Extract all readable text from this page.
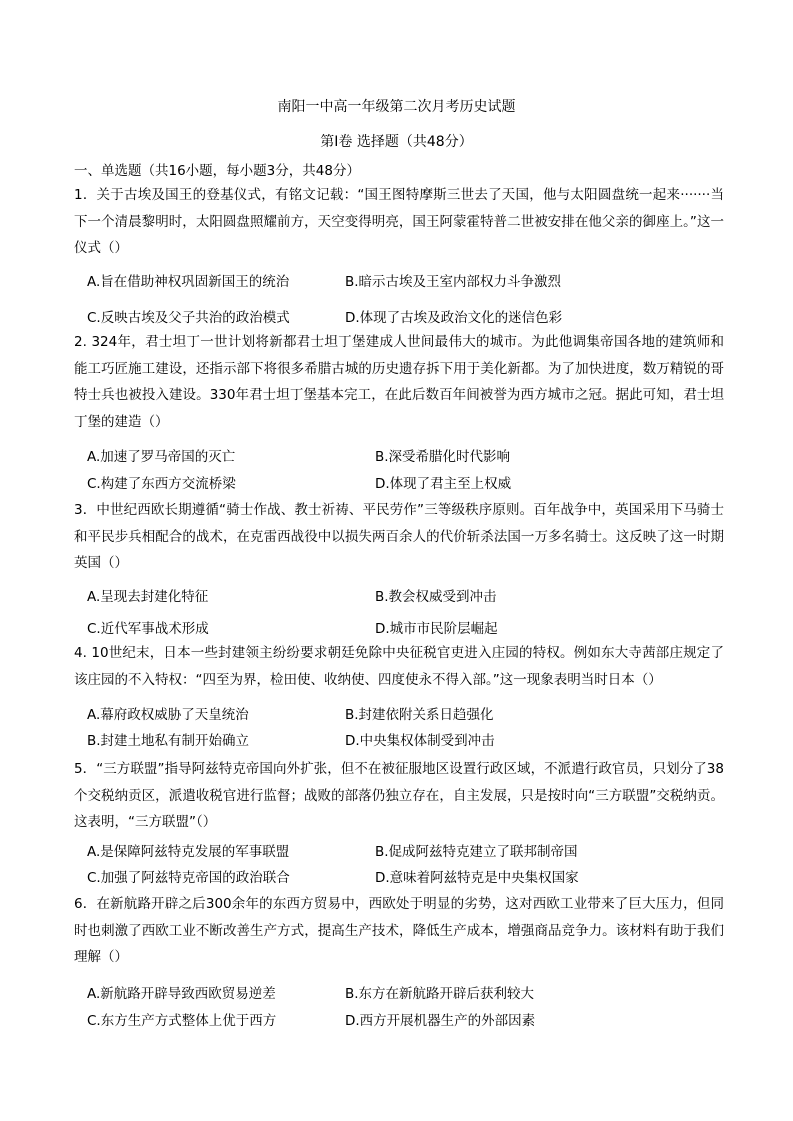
南阳一中高一年级第二次月考历史试题
第Ⅰ卷 选择题（共48分）
一、单选题（共16小题，每小题3分，共48分）
1．关于古埃及国王的登基仪式，有铭文记载：“国王图特摩斯三世去了天国，他与太阳圆盘统一起来·······当下一个清晨黎明时，太阳圆盘照耀前方，天空变得明亮，国王阿蒙霍特普二世被安排在他父亲的御座上。”这一仪式（）
A.旨在借助神权巩固新国王的统治	B.暗示古埃及王室内部权力斗争激烈
C.反映古埃及父子共治的政治模式	D.体现了古埃及政治文化的迷信色彩
2. 324年，君士坦丁一世计划将新都君士坦丁堡建成人世间最伟大的城市。为此他调集帝国各地的建筑师和能工巧匠施工建设，还指示部下将很多希腊古城的历史遗存拆下用于美化新都。为了加快进度，数万精锐的哥特士兵也被投入建设。330年君士坦丁堡基本完工，在此后数百年间被誉为西方城市之冠。据此可知，君士坦丁堡的建造（）
A.加速了罗马帝国的灭亡	B.深受希腊化时代影响
C.构建了东西方交流桥梁	D.体现了君主至上权威
3．中世纪西欧长期遵循“骑士作战、教士祈祷、平民劳作”三等级秩序原则。百年战争中，英国采用下马骑士和平民步兵相配合的战术，在克雷西战役中以损失两百余人的代价斩杀法国一万多名骑士。这反映了这一时期英国（）
A.呈现去封建化特征	B.教会权威受到冲击
C.近代军事战术形成	D.城市市民阶层崛起
4. 10世纪末，日本一些封建领主纷纷要求朝廷免除中央征税官吏进入庄园的特权。例如东大寺茜部庄规定了该庄园的不入特权：“四至为界，检田使、收纳使、四度使永不得入部。”这一现象表明当时日本（）
A.幕府政权威胁了天皇统治	B.封建依附关系日趋强化
B.封建土地私有制开始确立	D.中央集权体制受到冲击
5．“三方联盟”指导阿兹特克帝国向外扩张，但不在被征服地区设置行政区域，不派遣行政官员，只划分了38个交税纳贡区，派遣收税官进行监督；战败的部落仍独立存在，自主发展，只是按时向“三方联盟”交税纳贡。这表明，“三方联盟”（）
A.是保障阿兹特克发展的军事联盟	B.促成阿兹特克建立了联邦制帝国
C.加强了阿兹特克帝国的政治联合	D.意味着阿兹特克是中央集权国家
6．在新航路开辟之后300余年的东西方贸易中，西欧处于明显的劣势，这对西欧工业带来了巨大压力，但同时也刺激了西欧工业不断改善生产方式，提高生产技术，降低生产成本，增强商品竞争力。该材料有助于我们理解（）
A.新航路开辟导致西欧贸易逆差	B.东方在新航路开辟后获利较大
C.东方生产方式整体上优于西方	D.西方开展机器生产的外部因素
